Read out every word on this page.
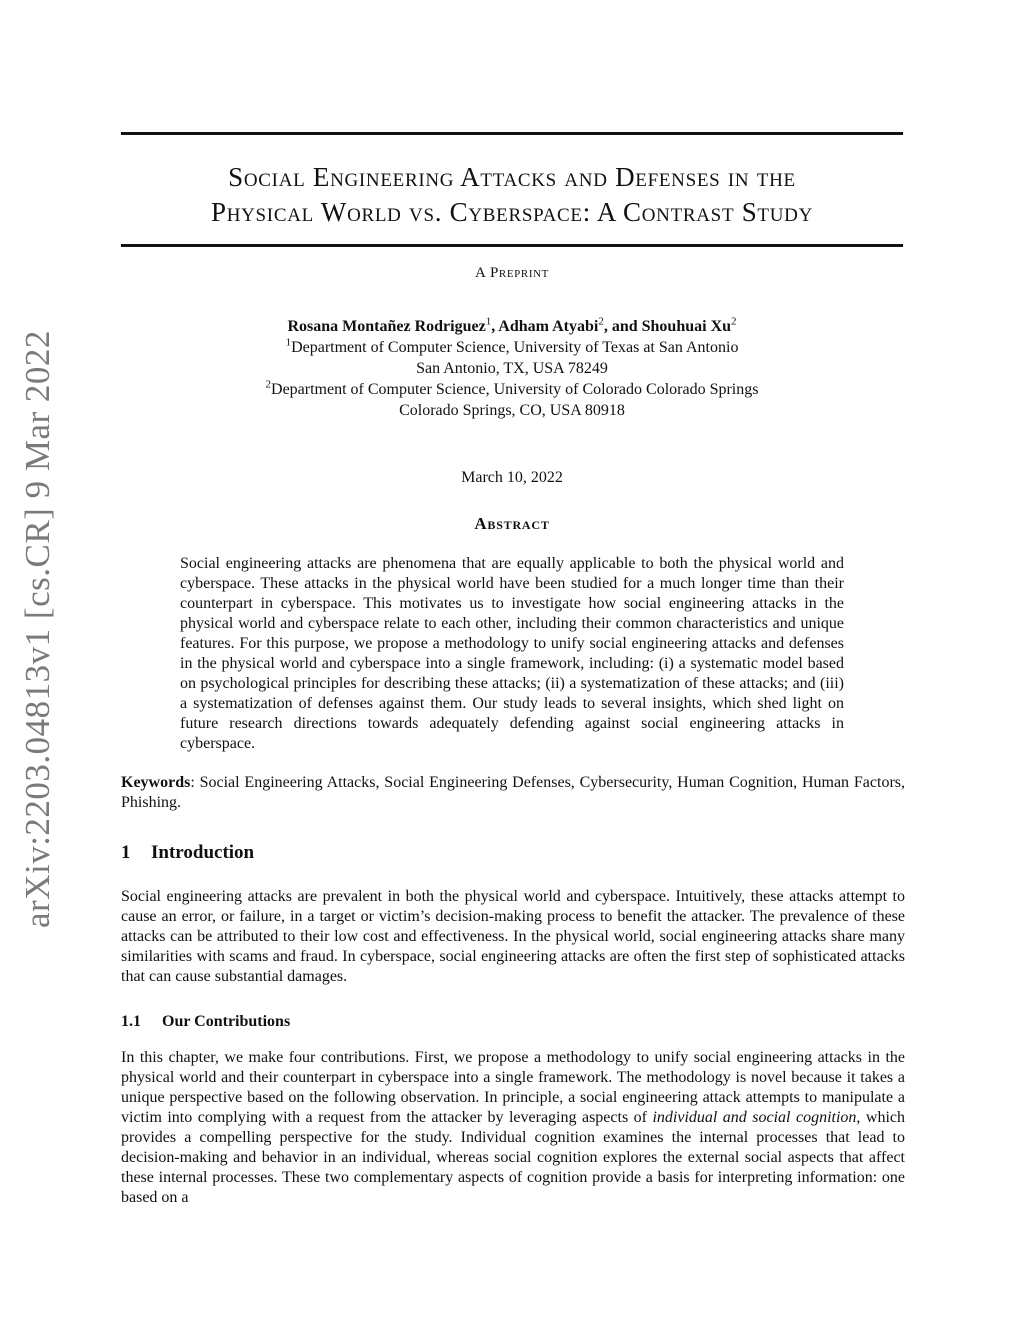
arXiv:2203.04813v1 [cs.CR] 9 Mar 2022
Social Engineering Attacks and Defenses in the
Physical World vs. Cyberspace: A Contrast Study
A Preprint
Rosana Montañez Rodriguez$^1$, Adham Atyabi$^2$, and Shouhuai Xu$^2$
$^1$Department of Computer Science, University of Texas at San Antonio
San Antonio, TX, USA 78249
$^2$Department of Computer Science, University of Colorado Colorado Springs
Colorado Springs, CO, USA 80918
March 10, 2022
Abstract
Social engineering attacks are phenomena that are equally applicable to both the physical world and cyberspace. These attacks in the physical world have been studied for a much longer time than their counterpart in cyberspace. This motivates us to investigate how social engineering attacks in the physical world and cyberspace relate to each other, including their common characteristics and unique features. For this purpose, we propose a methodology to unify social engineering attacks and defenses in the physical world and cyberspace into a single framework, including: (i) a systematic model based on psychological principles for describing these attacks; (ii) a systematization of these attacks; and (iii) a systematization of defenses against them. Our study leads to several insights, which shed light on future research directions towards adequately defending against social engineering attacks in cyberspace.
Keywords: Social Engineering Attacks, Social Engineering Defenses, Cybersecurity, Human Cognition, Human Factors, Phishing.
1 Introduction
Social engineering attacks are prevalent in both the physical world and cyberspace. Intuitively, these attacks attempt to cause an error, or failure, in a target or victim’s decision-making process to benefit the attacker. The prevalence of these attacks can be attributed to their low cost and effectiveness. In the physical world, social engineering attacks share many similarities with scams and fraud. In cyberspace, social engineering attacks are often the first step of sophisticated attacks that can cause substantial damages.
1.1 Our Contributions
In this chapter, we make four contributions. First, we propose a methodology to unify social engineering attacks in the physical world and their counterpart in cyberspace into a single framework. The methodology is novel because it takes a unique perspective based on the following observation. In principle, a social engineering attack attempts to manipulate a victim into complying with a request from the attacker by leveraging aspects of individual and social cognition, which provides a compelling perspective for the study. Individual cognition examines the internal processes that lead to decision-making and behavior in an individual, whereas social cognition explores the external social aspects that affect these internal processes. These two complementary aspects of cognition provide a basis for interpreting information: one based on a
